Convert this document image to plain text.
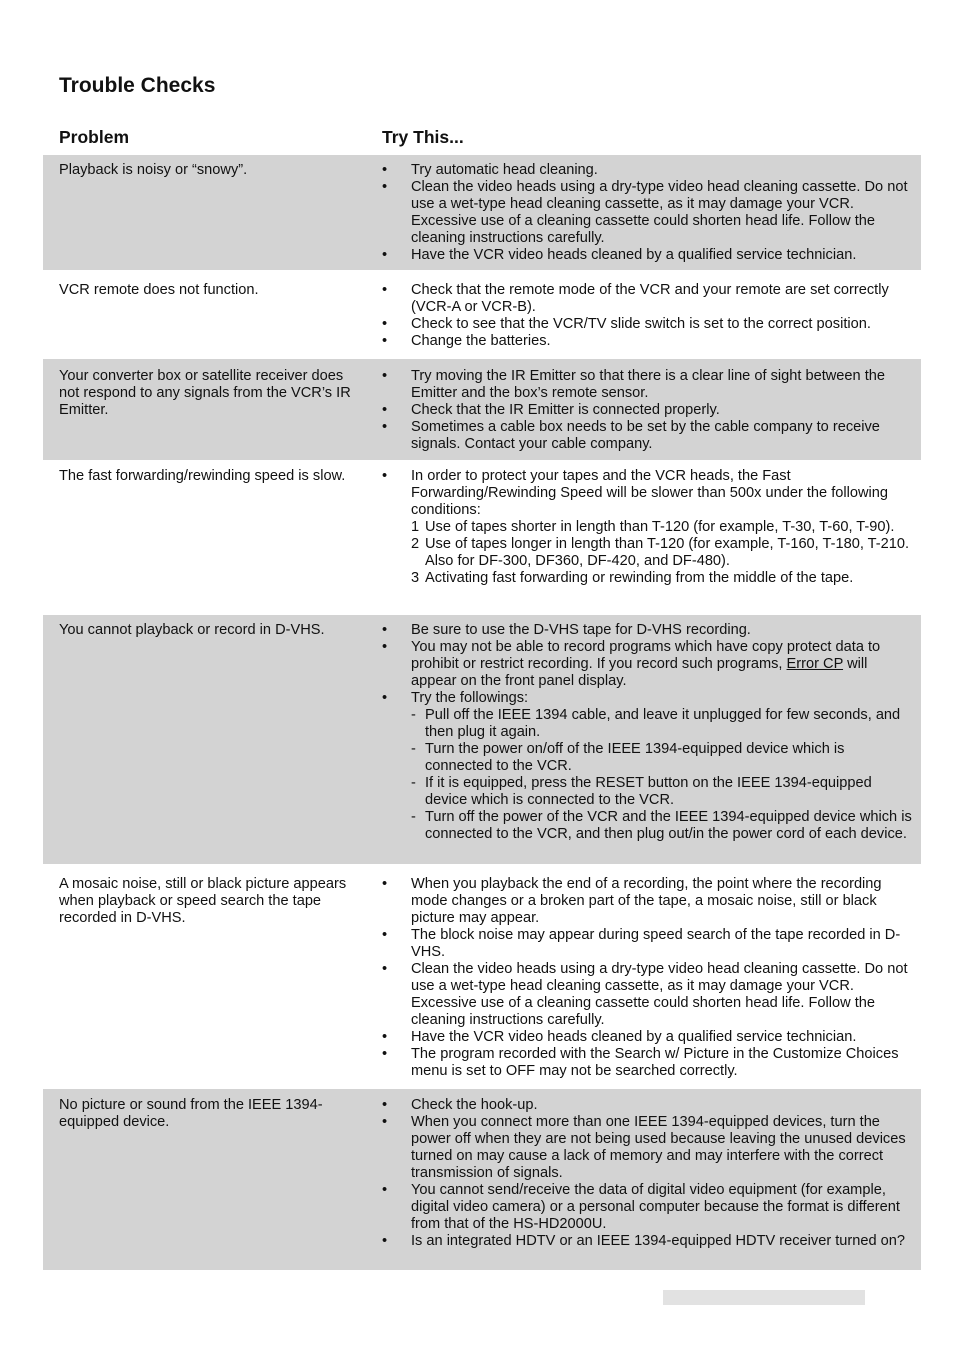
Trouble Checks
Problem	Try This...
Playback is noisy or “snowy”.	•	Try automatic head cleaning.
•	Clean the video heads using a dry-type video head cleaning cassette. Do not use a wet-type head cleaning cassette, as it may damage your VCR. Excessive use of a cleaning cassette could shorten head life. Follow the cleaning instructions carefully.
•	Have the VCR video heads cleaned by a qualified service technician.
VCR remote does not function.	•	Check that the remote mode of the VCR and your remote are set correctly (VCR-A or VCR-B).
•	Check to see that the VCR/TV slide switch is set to the correct position.
•	Change the batteries.
Your converter box or satellite receiver does not respond to any signals from the VCR’s IR Emitter.
•	Try moving the IR Emitter so that there is a clear line of sight between the Emitter and the box’s remote sensor.
•	Check that the IR Emitter is connected properly.
•	Sometimes a cable box needs to be set by the cable company to receive signals. Contact your cable company.
The fast forwarding/rewinding speed is slow.	•	In order to protect your tapes and the VCR heads, the Fast Forwarding/Rewinding Speed will be slower than 500x under the following conditions:
1 Use of tapes shorter in length than T-120 (for example, T-30, T-60, T-90).
2 Use of tapes longer in length than T-120 (for example, T-160, T-180, T-210. Also for DF-300, DF360, DF-420, and DF-480).
3 Activating fast forwarding or rewinding from the middle of the tape.
You cannot playback or record in D-VHS.	•	Be sure to use the D-VHS tape for D-VHS recording.
•	You may not be able to record programs which have copy protect data to prohibit or restrict recording. If you record such programs, Error CP will appear on the front panel display.
•	Try the followings:
- Pull off the IEEE 1394 cable, and leave it unplugged for few seconds, and then plug it again.
- Turn the power on/off of the IEEE 1394-equipped device which is connected to the VCR.
- If it is equipped, press the RESET button on the IEEE 1394-equipped device which is connected to the VCR.
- Turn off the power of the VCR and the IEEE 1394-equipped device which is connected to the VCR, and then plug out/in the power cord of each device.
A mosaic noise, still or black picture appears when playback or speed search the tape recorded in D-VHS.
•	When you playback the end of a recording, the point where the recording mode changes or a broken part of the tape, a mosaic noise, still or black picture may appear.
•	The block noise may appear during speed search of the tape recorded in D-VHS.
•	Clean the video heads using a dry-type video head cleaning cassette. Do not use a wet-type head cleaning cassette, as it may damage your VCR. Excessive use of a cleaning cassette could shorten head life. Follow the cleaning instructions carefully.
•	Have the VCR video heads cleaned by a qualified service technician.
•	The program recorded with the Search w/ Picture in the Customize Choices menu is set to OFF may not be searched correctly.
No picture or sound from the IEEE 1394-equipped device.
•	Check the hook-up.
•	When you connect more than one IEEE 1394-equipped devices, turn the power off when they are not being used because leaving the unused devices turned on may cause a lack of memory and may interfere with the correct transmission of signals.
•	You cannot send/receive the data of digital video equipment (for example, digital video camera) or a personal computer because the format is different from that of the HS-HD2000U.
•	Is an integrated HDTV or an IEEE 1394-equipped HDTV receiver turned on?
